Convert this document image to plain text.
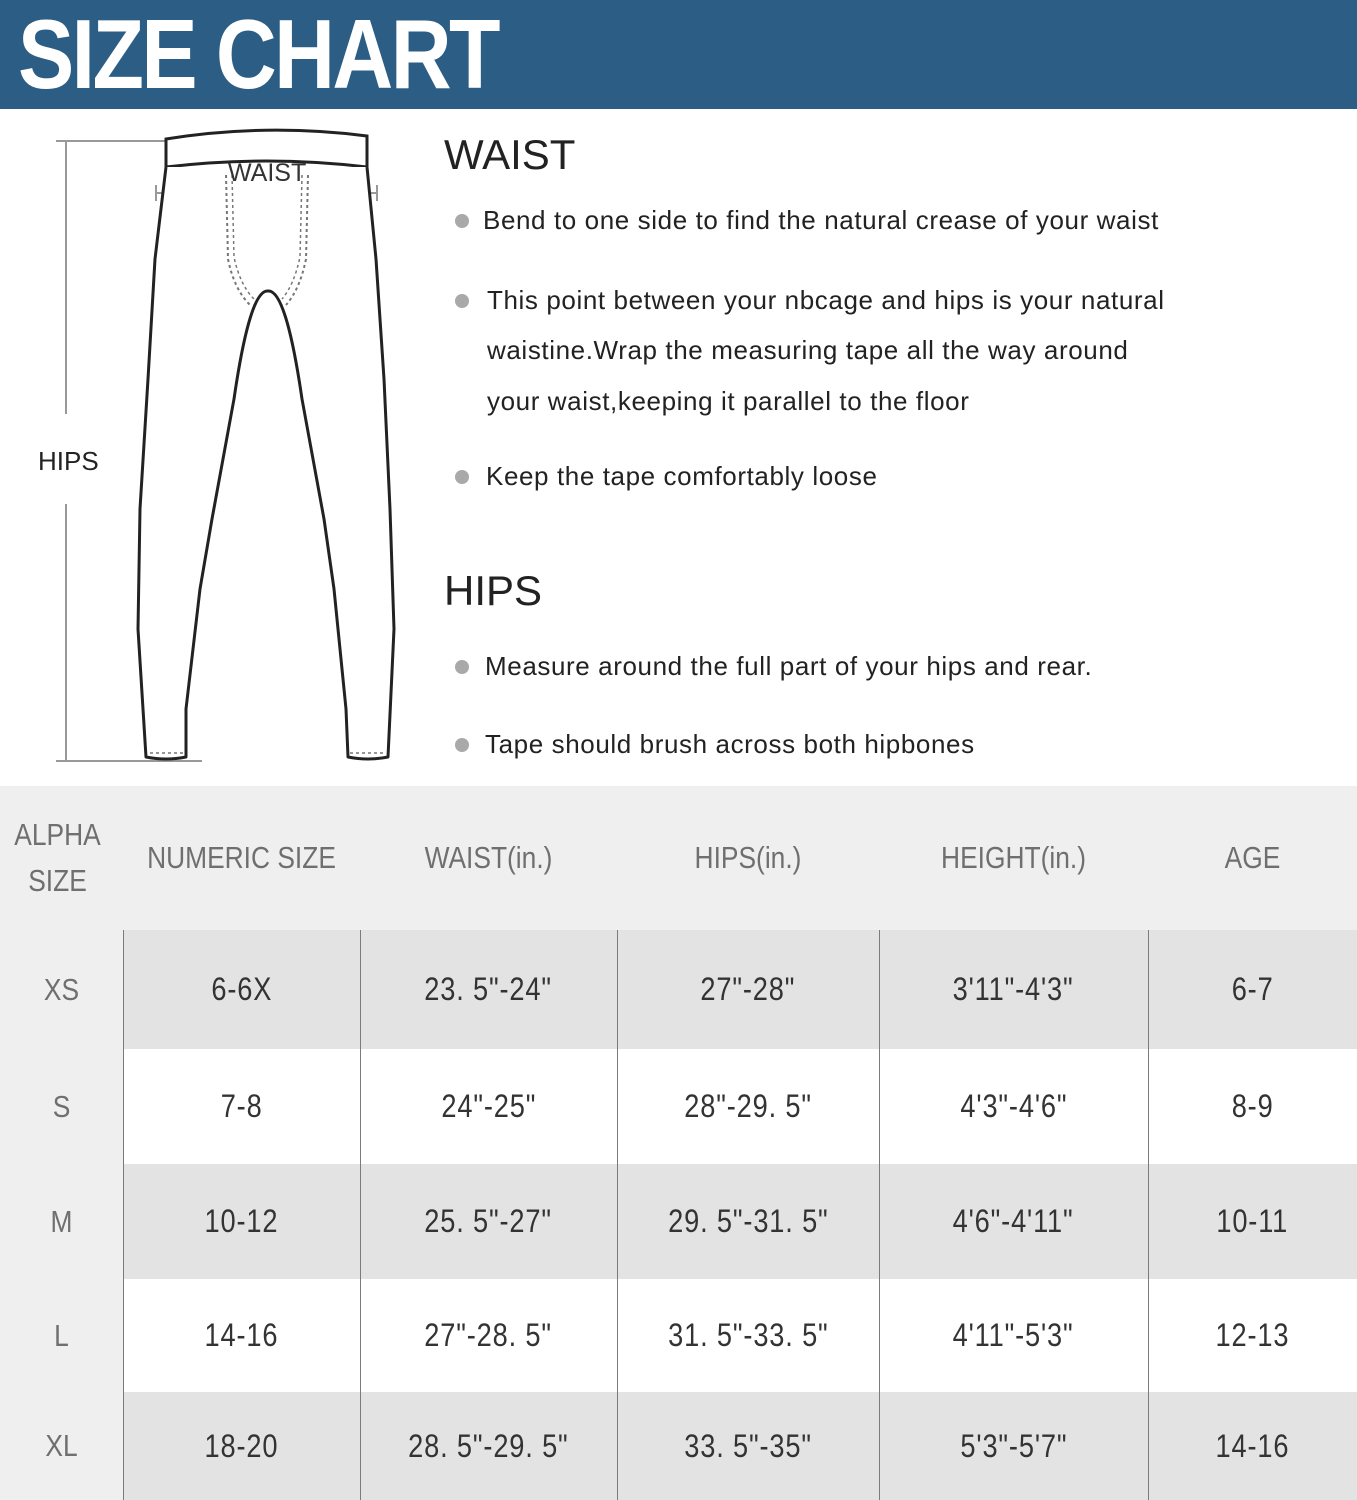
SIZE CHART
WAIST
HIPS
WAIST
Bend to one side to find the natural crease of your waist
This point between your nbcage and hips is your natural
waistine.Wrap the measuring tape all the way around
your waist,keeping it parallel to the floor
Keep the tape comfortably loose
HIPS
Measure around the full part of your hips and rear.
Tape should brush across both hipbones
ALPHA
SIZE
NUMERIC SIZE	WAIST(in.)	HIPS(in.)	HEIGHT(in.)	AGE
XS	6-6X	23. 5"-24"	27"-28"	3'11"-4'3"	6-7
S	7-8	24"-25"	28"-29. 5"	4'3"-4'6"	8-9
M	10-12	25. 5"-27"	29. 5"-31. 5"	4'6"-4'11"	10-11
L	14-16	27"-28. 5"	31. 5"-33. 5"	4'11"-5'3"	12-13
XL	18-20	28. 5"-29. 5"	33. 5"-35"	5'3"-5'7"	14-16
